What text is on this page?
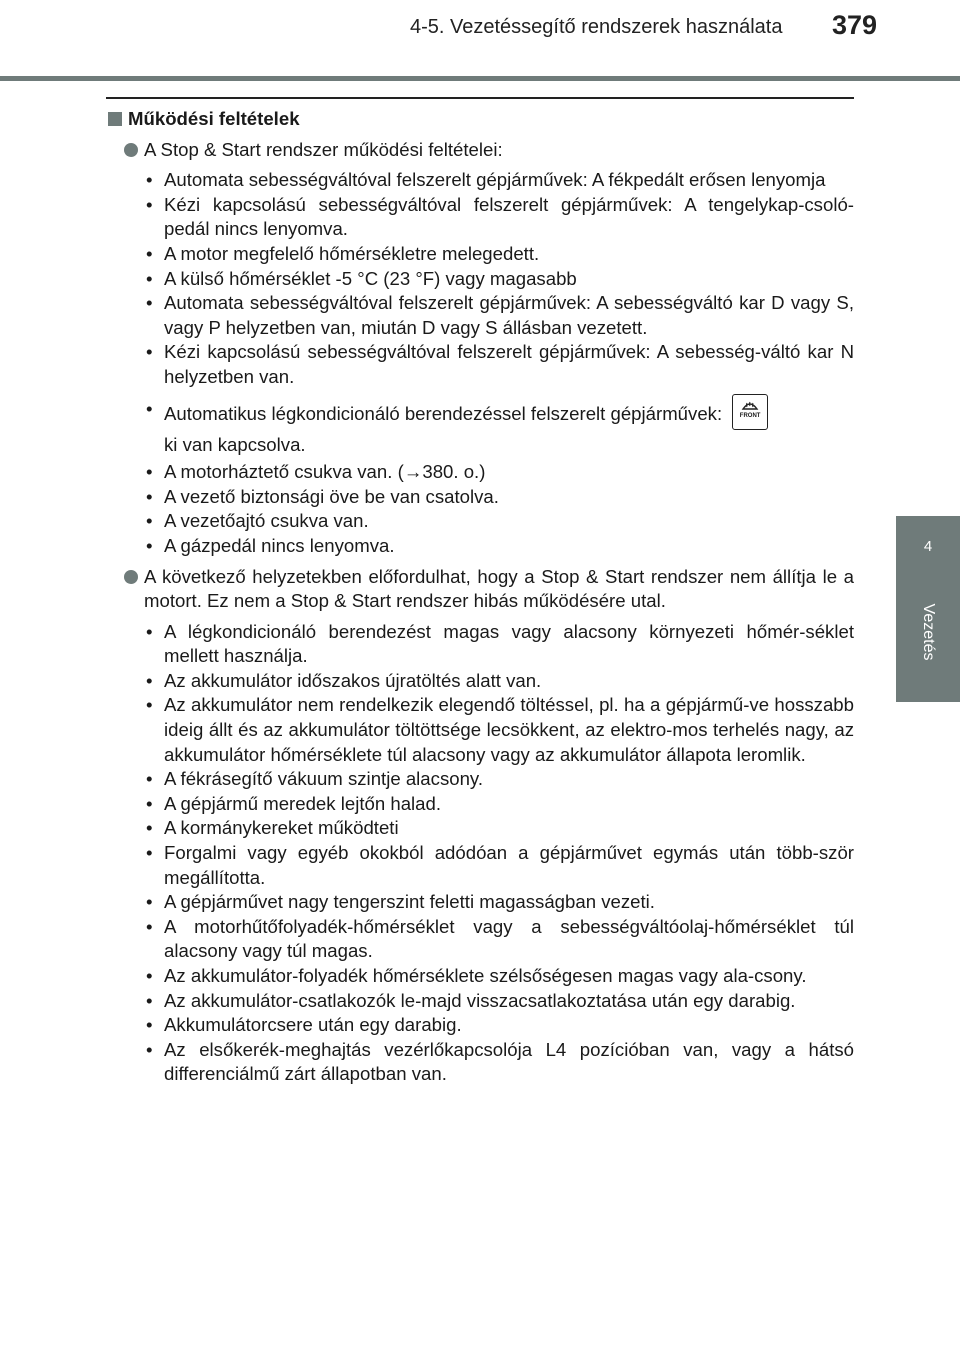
4-5. Vezetéssegítő rendszerek használata 379
4
Vezetés
Működési feltételek
A Stop & Start rendszer működési feltételei:
• Automata sebességváltóval felszerelt gépjárművek: A fékpedált erősen lenyomja
• Kézi kapcsolású sebességváltóval felszerelt gépjárművek: A tengelykap-csoló-pedál nincs lenyomva.
• A motor megfelelő hőmérsékletre melegedett.
• A külső hőmérséklet -5 °C (23 °F) vagy magasabb
• Automata sebességváltóval felszerelt gépjárművek: A sebességváltó kar D vagy S, vagy P helyzetben van, miután D vagy S állásban vezetett.
• Kézi kapcsolású sebességváltóval felszerelt gépjárművek: A sebesség-váltó kar N helyzetben van.
• Automatikus légkondicionáló berendezéssel felszerelt gépjárművek:	FRONT

ki van kapcsolva.
• A motorháztető csukva van. (→380. o.)
• A vezető biztonsági öve be van csatolva.
• A vezetőajtó csukva van.
• A gázpedál nincs lenyomva.
A következő helyzetekben előfordulhat, hogy a Stop & Start rendszer nem állítja le a motort. Ez nem a Stop & Start rendszer hibás működésére utal.
• A légkondicionáló berendezést magas vagy alacsony környezeti hőmér-séklet mellett használja.
• Az akkumulátor időszakos újratöltés alatt van.
• Az akkumulátor nem rendelkezik elegendő töltéssel, pl. ha a gépjármű-ve hosszabb ideig állt és az akkumulátor töltöttsége lecsökkent, az elektro-mos terhelés nagy, az akkumulátor hőmérséklete túl alacsony vagy az akkumulátor állapota leromlik.
• A fékrásegítő vákuum szintje alacsony.
• A gépjármű meredek lejtőn halad.
• A kormánykereket működteti
• Forgalmi vagy egyéb okokból adódóan a gépjárművet egymás után több-ször megállította.
• A gépjárművet nagy tengerszint feletti magasságban vezeti.
• A motorhűtőfolyadék-hőmérséklet vagy a sebességváltóolaj-hőmérséklet túl alacsony vagy túl magas.
• Az akkumulátor-folyadék hőmérséklete szélsőségesen magas vagy ala-csony.
• Az akkumulátor-csatlakozók le-majd visszacsatlakoztatása után egy darabig.
• Akkumulátorcsere után egy darabig.
• Az elsőkerék-meghajtás vezérlőkapcsolója L4 pozícióban van, vagy a hátsó differenciálmű zárt állapotban van.
